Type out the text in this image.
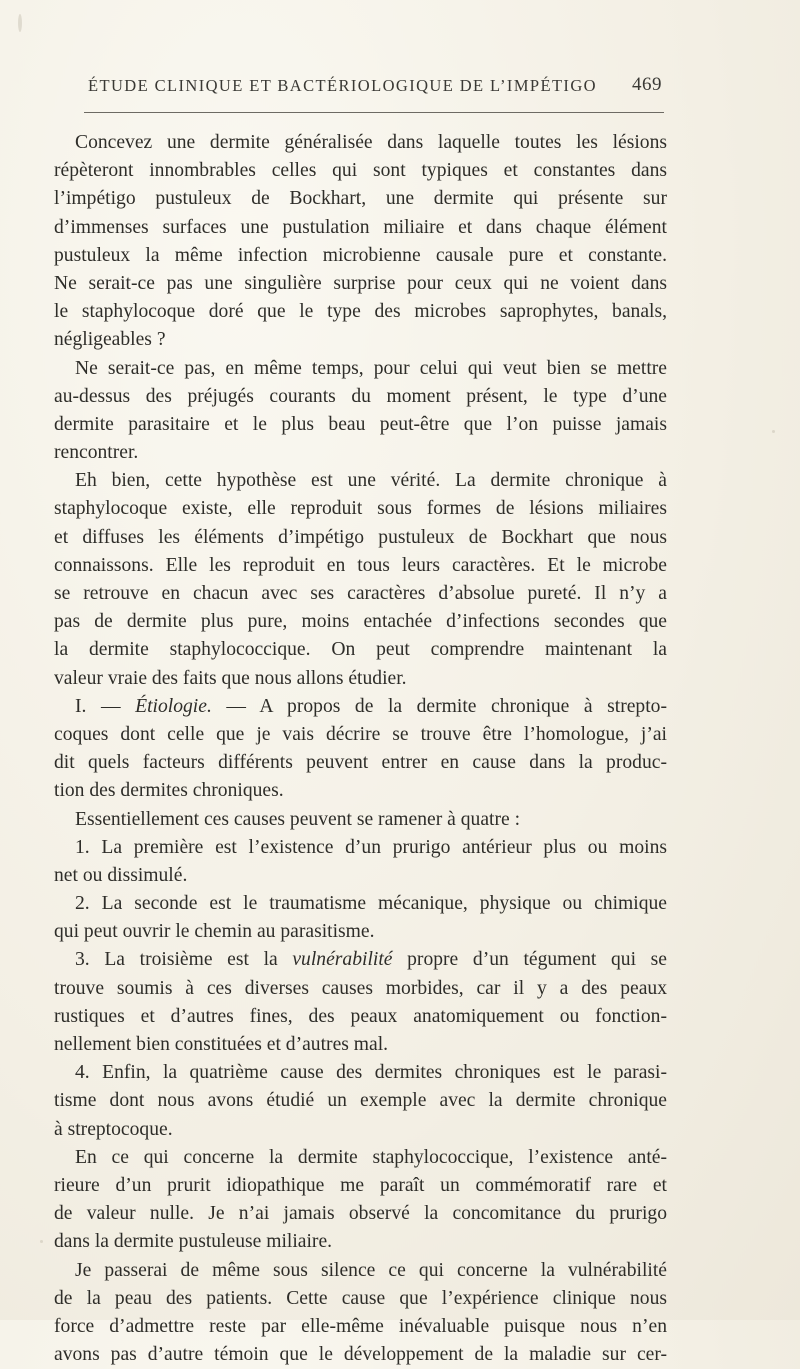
ÉTUDE CLINIQUE ET BACTÉRIOLOGIQUE DE L’IMPÉTIGO 469
Concevez une dermite généralisée dans laquelle toutes les lésions
répèteront innombrables celles qui sont typiques et constantes dans
l’impétigo pustuleux de Bockhart, une dermite qui présente sur
d’immenses surfaces une pustulation miliaire et dans chaque élément
pustuleux la même infection microbienne causale pure et constante.
Ne serait-ce pas une singulière surprise pour ceux qui ne voient dans
le staphylocoque doré que le type des microbes saprophytes, banals,
négligeables ?
Ne serait-ce pas, en même temps, pour celui qui veut bien se mettre
au-dessus des préjugés courants du moment présent, le type d’une
dermite parasitaire et le plus beau peut-être que l’on puisse jamais
rencontrer.
Eh bien, cette hypothèse est une vérité. La dermite chronique à
staphylocoque existe, elle reproduit sous formes de lésions miliaires
et diffuses les éléments d’impétigo pustuleux de Bockhart que nous
connaissons. Elle les reproduit en tous leurs caractères. Et le microbe
se retrouve en chacun avec ses caractères d’absolue pureté. Il n’y a
pas de dermite plus pure, moins entachée d’infections secondes que
la dermite staphylococcique. On peut comprendre maintenant la
valeur vraie des faits que nous allons étudier.
I. — Étiologie. — A propos de la dermite chronique à strepto-
coques dont celle que je vais décrire se trouve être l’homologue, j’ai
dit quels facteurs différents peuvent entrer en cause dans la produc-
tion des dermites chroniques.
Essentiellement ces causes peuvent se ramener à quatre :
1. La première est l’existence d’un prurigo antérieur plus ou moins
net ou dissimulé.
2. La seconde est le traumatisme mécanique, physique ou chimique
qui peut ouvrir le chemin au parasitisme.
3. La troisième est la vulnérabilité propre d’un tégument qui se
trouve soumis à ces diverses causes morbides, car il y a des peaux
rustiques et d’autres fines, des peaux anatomiquement ou fonction-
nellement bien constituées et d’autres mal.
4. Enfin, la quatrième cause des dermites chroniques est le parasi-
tisme dont nous avons étudié un exemple avec la dermite chronique
à streptocoque.
En ce qui concerne la dermite staphylococcique, l’existence anté-
rieure d’un prurit idiopathique me paraît un commémoratif rare et
de valeur nulle. Je n’ai jamais observé la concomitance du prurigo
dans la dermite pustuleuse miliaire.
Je passerai de même sous silence ce qui concerne la vulnérabilité
de la peau des patients. Cette cause que l’expérience clinique nous
force d’admettre reste par elle-même inévaluable puisque nous n’en
avons pas d’autre témoin que le développement de la maladie sur cer-
